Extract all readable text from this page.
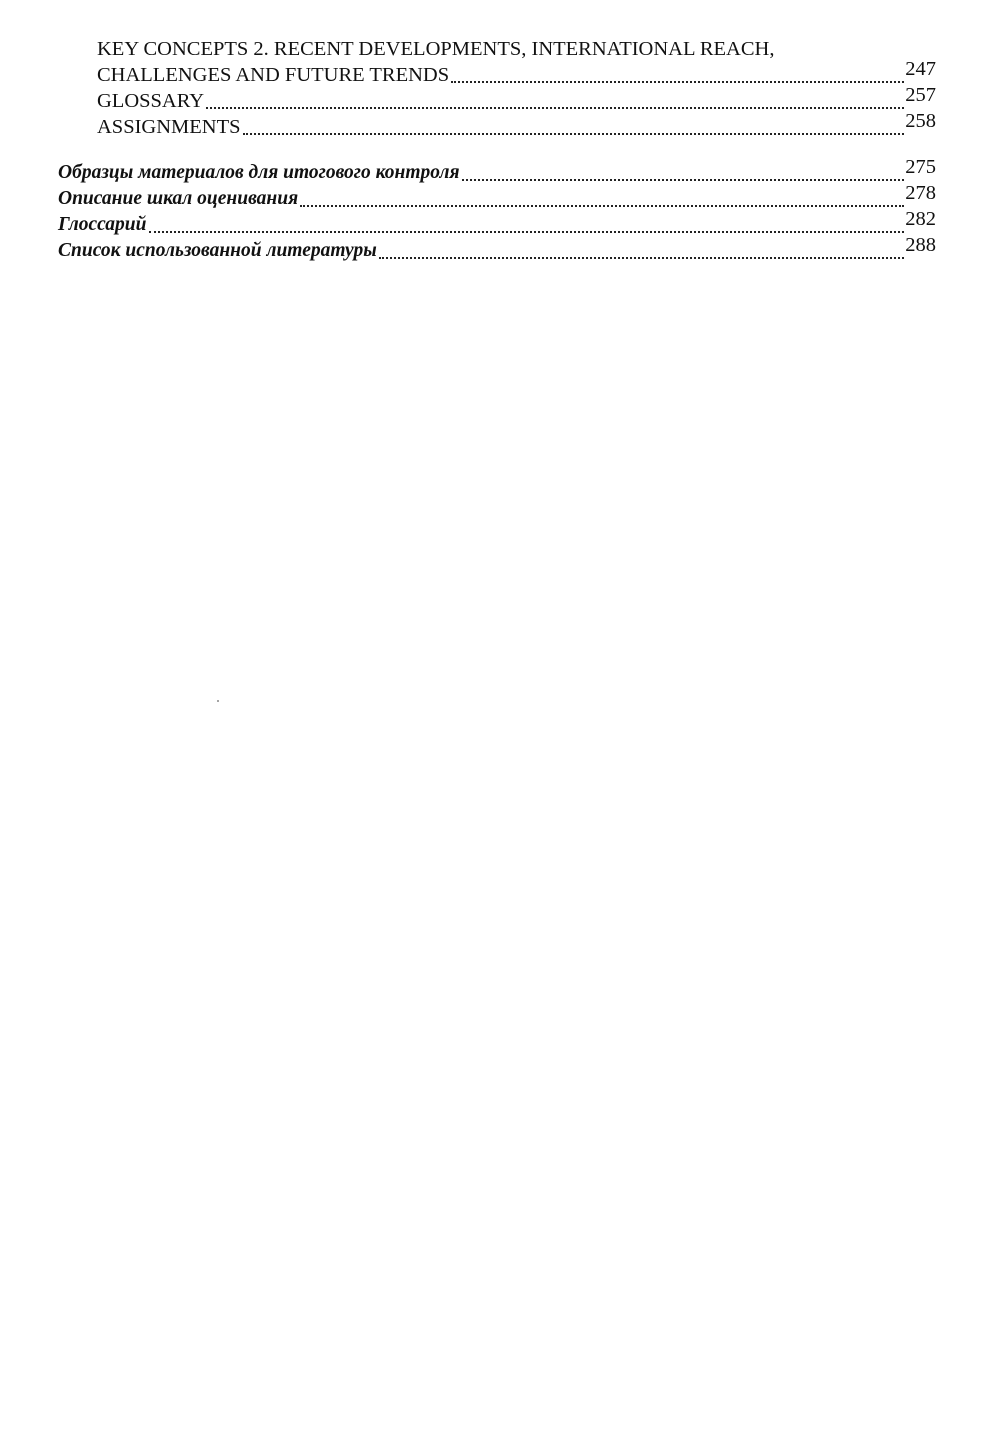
KEY CONCEPTS 2. RECENT DEVELOPMENTS, INTERNATIONAL REACH,
CHALLENGES AND FUTURE TRENDS	247
GLOSSARY	257
ASSIGNMENTS	258
Образцы материалов для итогового контроля	275
Описание шкал оценивания	278
Глоссарий	282
Список использованной литературы	288
